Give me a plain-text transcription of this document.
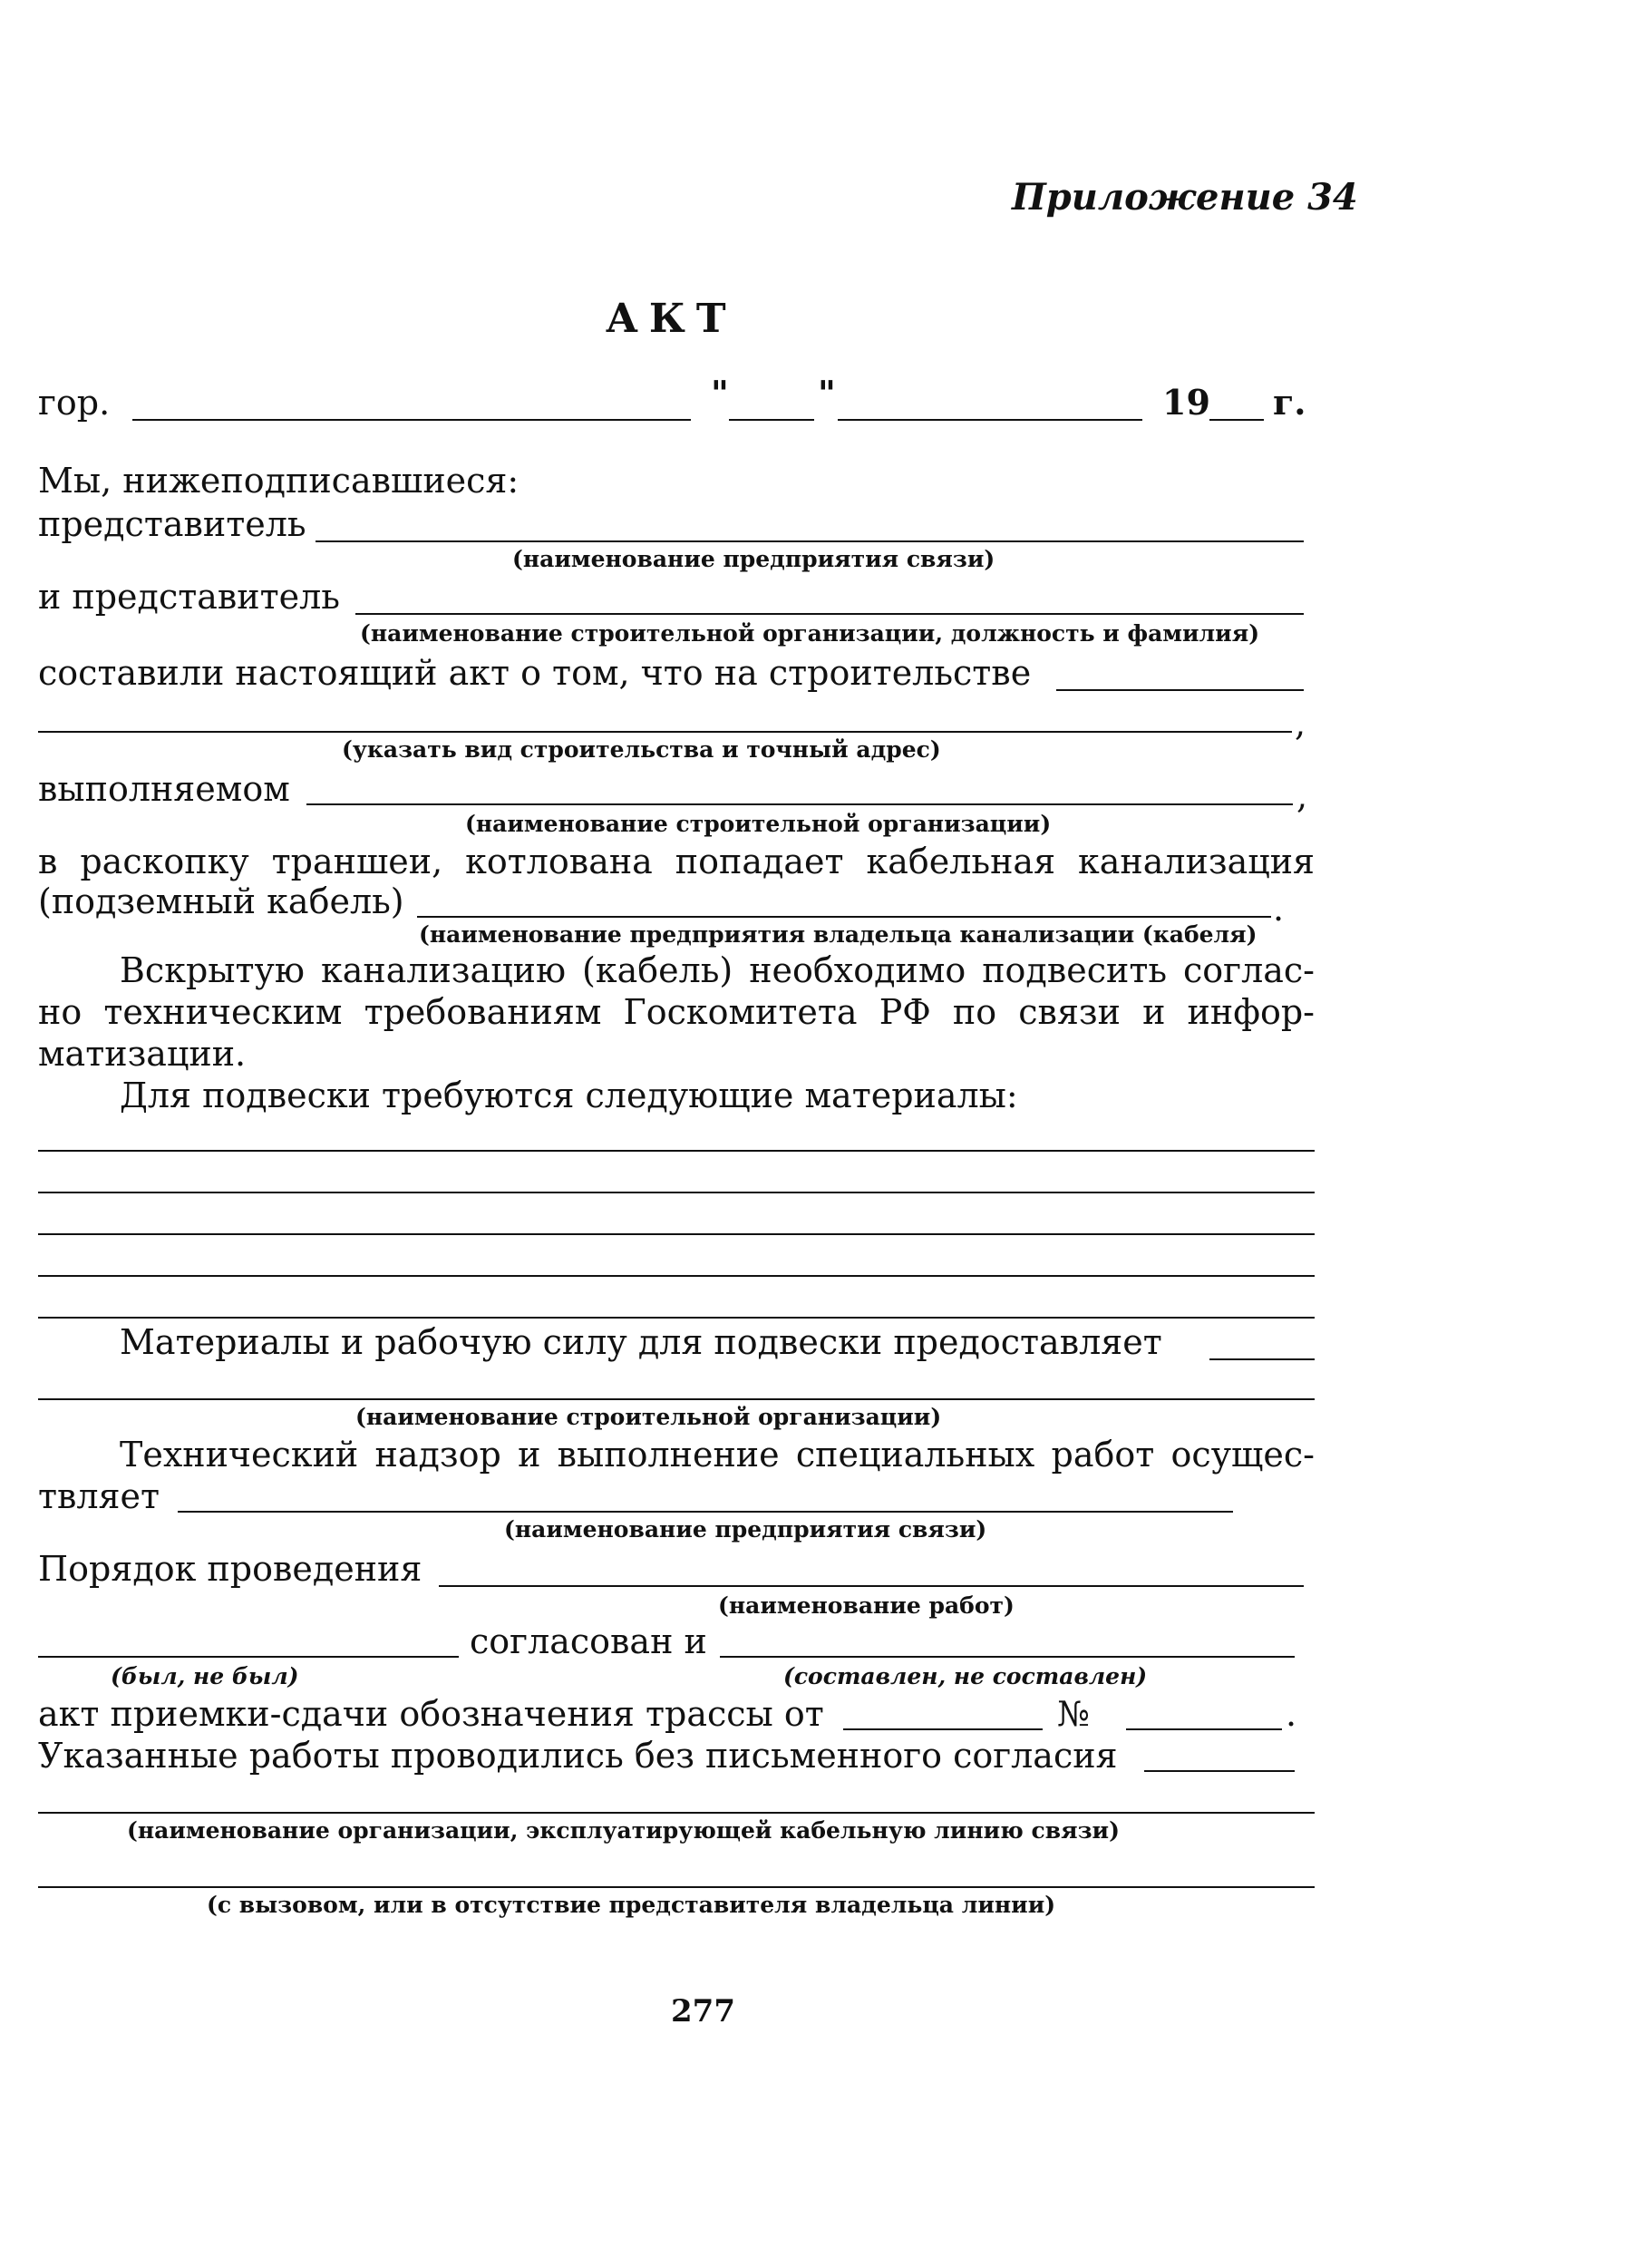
Приложение 34
АКТ
гор.	"	"	19 г.
Мы, нижеподписавшиеся:
представитель
(наименование предприятия связи)
и представитель
(наименование строительной организации, должность и фамилия)
составили настоящий акт о том, что на строительстве
,
(указать вид строительства и точный адрес)
выполняемом	,
(наименование строительной организации)
в раскопку траншеи, котлована попадает кабельная канализация
(подземный кабель)	.
(наименование предприятия владельца канализации (кабеля)
Вскрытую канализацию (кабель) необходимо подвесить соглас-
но техническим требованиям Госкомитета РФ по связи и инфор-
матизации.
Для подвески требуются следующие материалы:
Материалы и рабочую силу для подвески предоставляет
(наименование строительной организации)
Технический надзор и выполнение специальных работ осущес-
твляет
(наименование предприятия связи)
Порядок проведения
(наименование работ)
согласован и
(был, не был)	(составлен, не составлен)
акт приемки-сдачи обозначения трассы от	№	.
Указанные работы проводились без письменного согласия
(наименование организации, эксплуатирующей кабельную линию связи)
(с вызовом, или в отсутствие представителя владельца линии)
277
